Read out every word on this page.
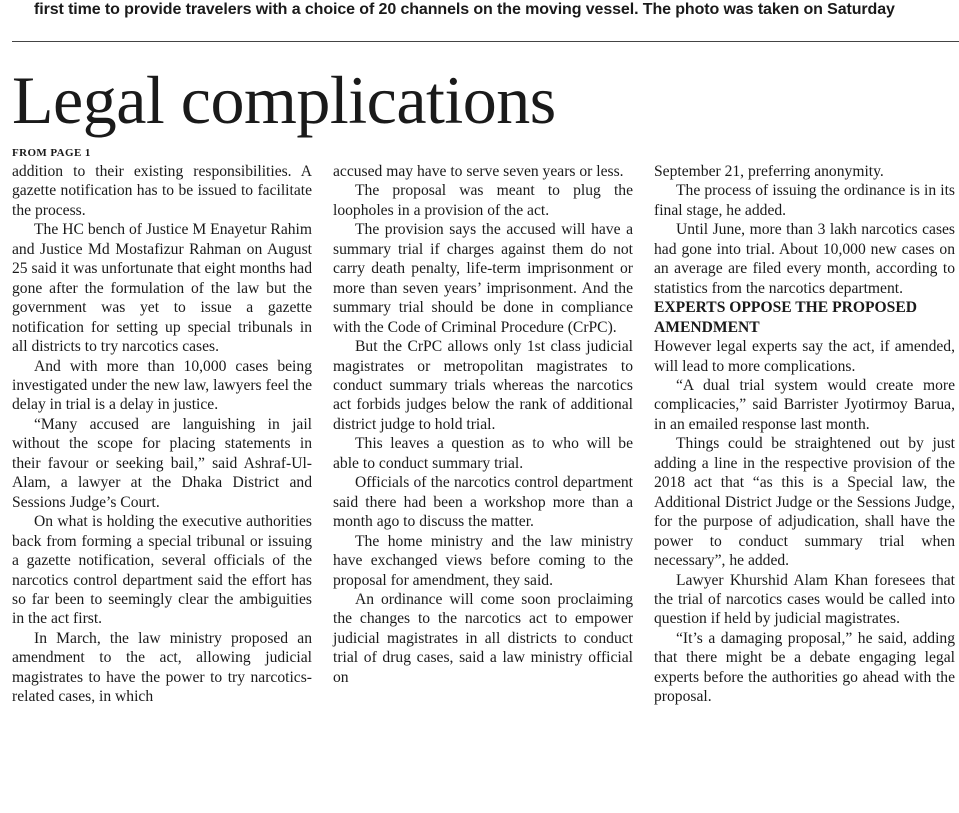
first time to provide travelers with a choice of 20 channels on the moving vessel. The photo was taken on Saturday
Legal complications
FROM PAGE 1

addition to their existing responsibilities. A gazette notification has to be issued to facilitate the process.

The HC bench of Justice M Enayetur Rahim and Justice Md Mostafizur Rahman on August 25 said it was unfortunate that eight months had gone after the formulation of the law but the government was yet to issue a gazette notification for setting up special tribunals in all districts to try narcotics cases.

And with more than 10,000 cases being investigated under the new law, lawyers feel the delay in trial is a delay in justice.

“Many accused are languishing in jail without the scope for placing statements in their favour or seeking bail,” said Ashraf-Ul-Alam, a lawyer at the Dhaka District and Sessions Judge’s Court.

On what is holding the executive authorities back from forming a special tribunal or issuing a gazette notification, several officials of the narcotics control department said the effort has so far been to seemingly clear the ambiguities in the act first.

In March, the law ministry proposed an amendment to the act, allowing judicial magistrates to have the power to try narcotics-related cases, in which

accused may have to serve seven years or less.

The proposal was meant to plug the loopholes in a provision of the act.

The provision says the accused will have a summary trial if charges against them do not carry death penalty, life-term imprisonment or more than seven years’ imprisonment. And the summary trial should be done in compliance with the Code of Criminal Procedure (CrPC).

But the CrPC allows only 1st class judicial magistrates or metropolitan magistrates to conduct summary trials whereas the narcotics act forbids judges below the rank of additional district judge to hold trial.

This leaves a question as to who will be able to conduct summary trial.

Officials of the narcotics control department said there had been a workshop more than a month ago to discuss the matter.

The home ministry and the law ministry have exchanged views before coming to the proposal for amendment, they said.

An ordinance will come soon proclaiming the changes to the narcotics act to empower judicial magistrates in all districts to conduct trial of drug cases, said a law ministry official on

September 21, preferring anonymity.

The process of issuing the ordinance is in its final stage, he added.

Until June, more than 3 lakh narcotics cases had gone into trial. About 10,000 new cases on an average are filed every month, according to statistics from the narcotics department.

EXPERTS OPPOSE THE PROPOSED AMENDMENT

However legal experts say the act, if amended, will lead to more complications.

“A dual trial system would create more complicacies,” said Barrister Jyotirmoy Barua, in an emailed response last month.

Things could be straightened out by just adding a line in the respective provision of the 2018 act that “as this is a Special law, the Additional District Judge or the Sessions Judge, for the purpose of adjudication, shall have the power to conduct summary trial when necessary”, he added.

Lawyer Khurshid Alam Khan foresees that the trial of narcotics cases would be called into question if held by judicial magistrates.

“It’s a damaging proposal,” he said, adding that there might be a debate engaging legal experts before the authorities go ahead with the proposal.
